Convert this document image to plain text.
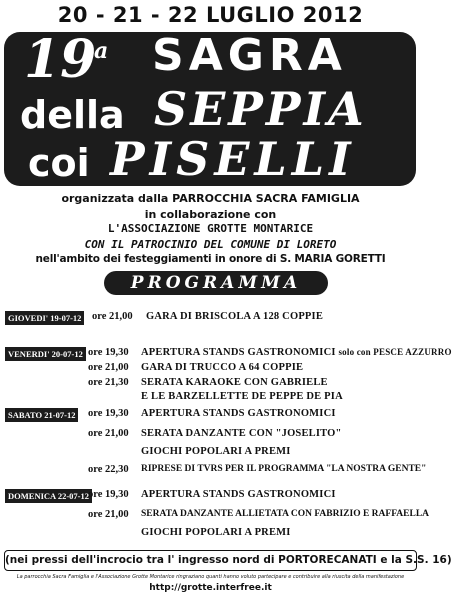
20 - 21 - 22 LUGLIO 2012
19
a SAGRA
della SEPPIA
coi PISELLI
organizzata dalla PARROCCHIA SACRA FAMIGLIA
in collaborazione con
L'ASSOCIAZIONE GROTTE MONTARICE
CON IL PATROCINIO DEL COMUNE DI LORETO
nell'ambito dei festeggiamenti in onore di S. MARIA GORETTI
PROGRAMMA
GIOVEDI' 19-07-12 ore 21,00 GARA DI BRISCOLA A 128 COPPIE
VENERDI' 20-07-12 ore 19,30 APERTURA STANDS GASTRONOMICI solo con PESCE AZZURRO
ore 21,00 GARA DI TRUCCO A 64 COPPIE
ore 21,30 SERATA KARAOKE CON GABRIELE
E LE BARZELLETTE DE PEPPE DE PIA
SABATO 21-07-12 ore 19,30 APERTURA STANDS GASTRONOMICI
ore 21,00 SERATA DANZANTE CON "JOSELITO"
GIOCHI POPOLARI A PREMI
ore 22,30 RIPRESE DI TVRS PER IL PROGRAMMA "LA NOSTRA GENTE"
DOMENICA 22-07-12 ore 19,30 APERTURA STANDS GASTRONOMICI
ore 21,00 SERATA DANZANTE ALLIETATA CON FABRIZIO E RAFFAELLA
GIOCHI POPOLARI A PREMI
(nei pressi dell'incrocio tra l' ingresso nord di PORTORECANATI e la S.S. 16)
La parrocchia Sacra Famiglia e l'Associazione Grotte Montarice ringraziano quanti hanno voluto partecipare e contribuire alla riuscita della manifestazione
http://grotte.interfree.it
